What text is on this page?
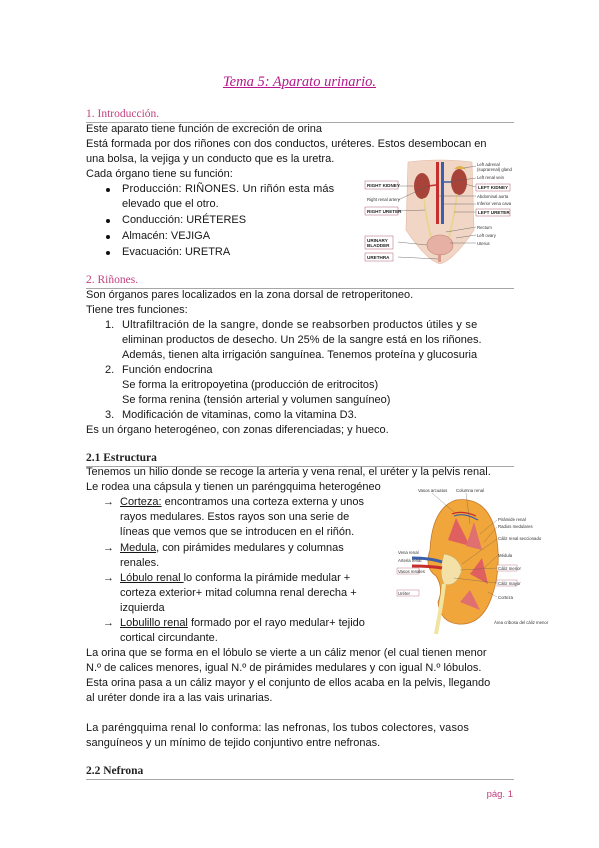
Tema 5: Aparato urinario.
1. Introducción.
Este aparato tiene función de excreción de orina
Está formada por dos riñones con dos conductos, uréteres. Estos desembocan en
una bolsa, la vejiga y un conducto que es la uretra.
Cada órgano tiene su función:
Producción: RIÑONES. Un riñón esta más
elevado que el otro.
Conducción: URÉTERES
Almacén: VEJIGA
Evacuación: URETRA
RIGHT KIDNEY
Right renal artery
RIGHT URETER
URINARY
BLADDER
URETHRA
Left adrenal
(suprarenal) gland
Left renal vein
LEFT KIDNEY
Abdominal aorta
Inferior vena cava
LEFT URETER
Rectum
Left ovary
Uterus
2. Riñones.
Son órganos pares localizados en la zona dorsal de retroperitoneo.
Tiene tres funciones:
1. Ultrafiltración de la sangre, donde se reabsorben productos útiles y se
eliminan productos de desecho. Un 25% de la sangre está en los riñones.
Además, tienen alta irrigación sanguínea. Tenemos proteína y glucosuria
2. Función endocrina
Se forma la eritropoyetina (producción de eritrocitos)
Se forma renina (tensión arterial y volumen sanguíneo)
3. Modificación de vitaminas, como la vitamina D3.
Es un órgano heterogéneo, con zonas diferenciadas; y hueco.
2.1 Estructura
Tenemos un hilio donde se recoge la arteria y vena renal, el uréter y la pelvis renal.
Le rodea una cápsula y tienen un paréngquima heterogéneo
→ Corteza: encontramos una corteza externa y unos
rayos medulares. Estos rayos son una serie de
líneas que vemos que se introducen en el riñón.
→ Medula, con pirámides medulares y columnas
renales.
→ Lóbulo renal lo conforma la pirámide medular +
corteza exterior+ mitad columna renal derecha +
izquierda
→ Lobulillo renal formado por el rayo medular+ tejido
cortical circundante.
Vasos arcuatos Columna renal
Vena renal
Arteria renal
Vasos renales
Uréter
Pirámide renal
Radios medulares
Cáliz renal seccionado
Médula
Cáliz menor
Cáliz mayor
Corteza
Área cribosa del cáliz menor
La orina que se forma en el lóbulo se vierte a un cáliz menor (el cual tienen menor
N.º de calices menores, igual N.º de pirámides medulares y con igual N.º lóbulos.
Esta orina pasa a un cáliz mayor y el conjunto de ellos acaba en la pelvis, llegando
al uréter donde ira a las vais urinarias.
La paréngquima renal lo conforma: las nefronas, los tubos colectores, vasos
sanguíneos y un mínimo de tejido conjuntivo entre nefronas.
2.2 Nefrona
pág. 1
